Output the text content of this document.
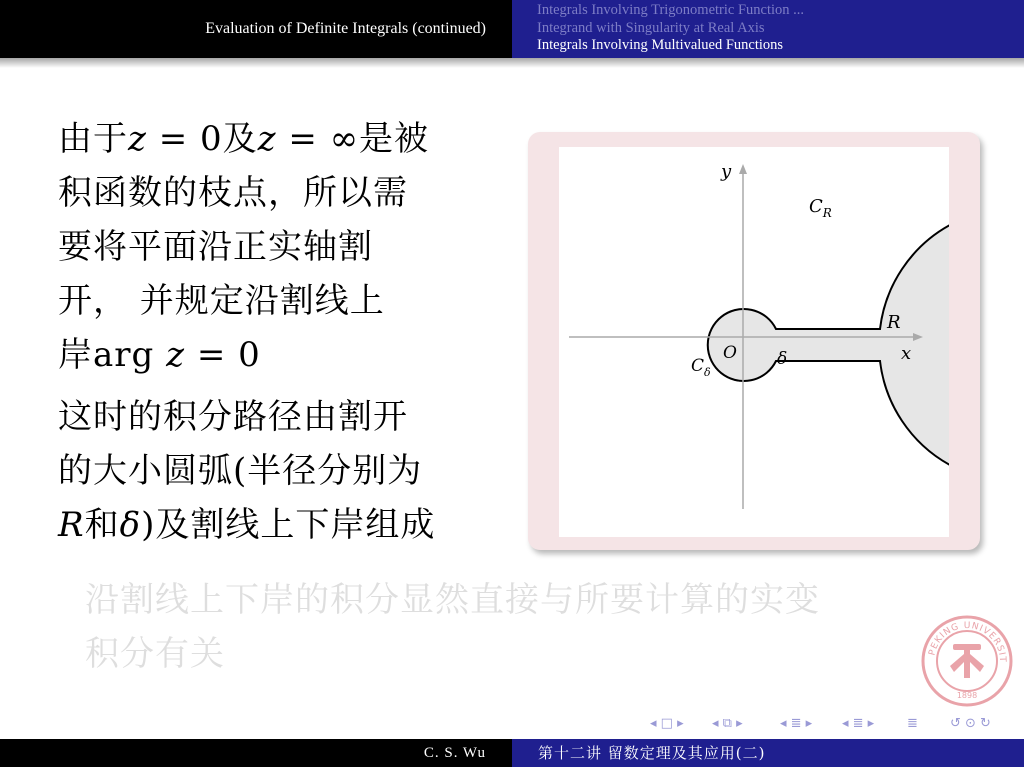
Evaluation of Definite Integrals (continued)
Integrals Involving Trigonometric Function ...
Integrand with Singularity at Real Axis
Integrals Involving Multivalued Functions
由于z = 0及z = ∞是被
积函数的枝点，所以需
要将平面沿正实轴割
开， 并规定沿割线上
岸arg z = 0
这时的积分路径由割开
的大小圆弧(半径分别为
R和δ)及割线上下岸组成
沿割线上下岸的积分显然直接与所要计算的实变
积分有关
y
x
$C_R$
R
O δ
$C_\delta$
PEKING UNIVERSIT
1898
◂ □ ▸ ◂ ⧉ ▸	◂ ≣ ▸ ◂ ≣ ▸	≣ ↺ ⊙ ↻
C. S. Wu	第十二讲 留数定理及其应用(二)
